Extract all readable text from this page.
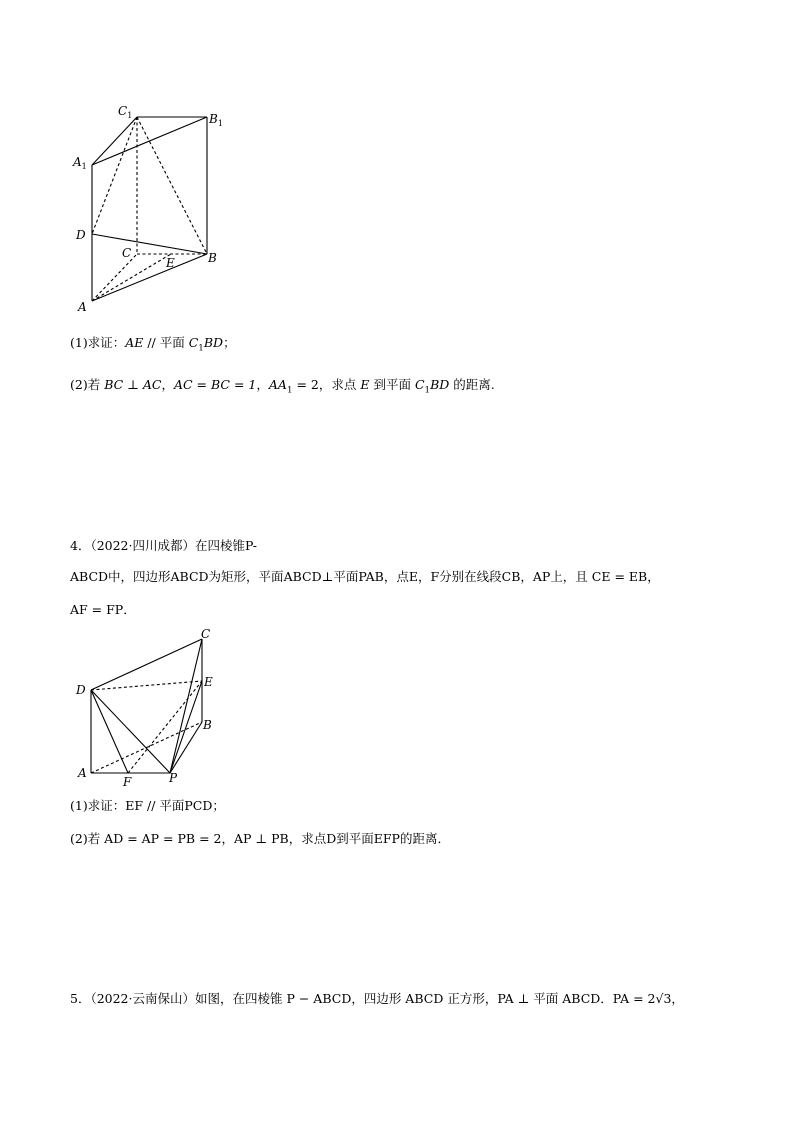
$C_1$	$B_1$
$A_1$
D
C
E	B
A
(1)求证：AE // 平面 $C_1BD$；
(2)若 BC ⊥ AC，AC = BC = 1，$AA_1 = 2$，求点 E 到平面 $C_1BD$ 的距离.
4．（2022·四川成都）在四棱锥P-
ABCD中，四边形ABCD为矩形，平面ABCD⊥平面PAB，点E，F分别在线段CB，AP上，且 CE = EB，
AF = FP．
C
D
E
B
A
F	P
(1)求证：EF // 平面PCD；
(2)若 AD = AP = PB = 2，AP ⊥ PB，求点D到平面EFP的距离．
5．（2022·云南保山）如图，在四棱锥 P − ABCD，四边形 ABCD 正方形，PA ⊥ 平面 ABCD．PA = 2√3，
